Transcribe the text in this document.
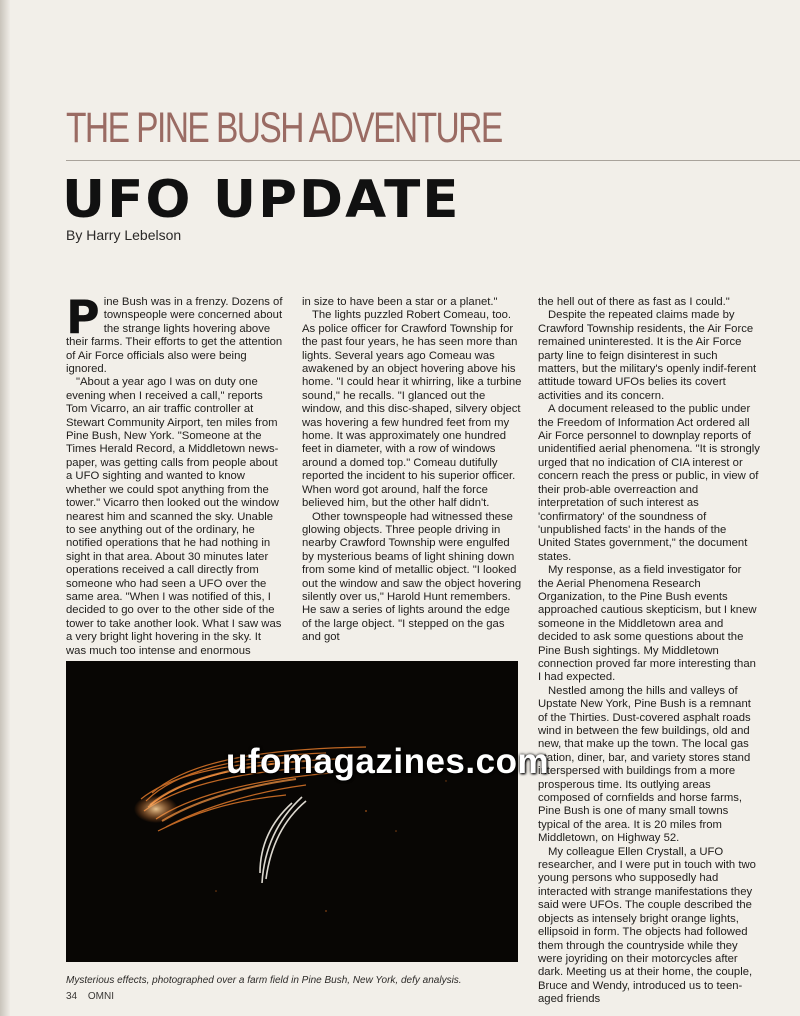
THE PINE BUSH ADVENTURE
UFO UPDATE
By Harry Lebelson

Pine Bush was in a frenzy. Dozens of townspeople were concerned about the strange lights hovering above their farms. Their efforts to get the attention of Air Force officials also were being ignored.

"About a year ago I was on duty one evening when I received a call," reports Tom Vicarro, an air traffic controller at Stewart Community Airport, ten miles from Pine Bush, New York. "Someone at the Times Herald Record, a Middletown news-paper, was getting calls from people about a UFO sighting and wanted to know whether we could spot anything from the tower." Vicarro then looked out the window nearest him and scanned the sky. Unable to see anything out of the ordinary, he notified operations that he had nothing in sight in that area. About 30 minutes later operations received a call directly from someone who had seen a UFO over the same area. "When I was notified of this, I decided to go over to the other side of the tower to take another look. What I saw was a very bright light hovering in the sky. It was much too intense and enormous

in size to have been a star or a planet."

The lights puzzled Robert Comeau, too. As police officer for Crawford Township for the past four years, he has seen more than lights. Several years ago Comeau was awakened by an object hovering above his home. "I could hear it whirring, like a turbine sound," he recalls. "I glanced out the window, and this disc-shaped, silvery object was hovering a few hundred feet from my home. It was approximately one hundred feet in diameter, with a row of windows around a domed top." Comeau dutifully reported the incident to his superior officer. When word got around, half the force believed him, but the other half didn't.

Other townspeople had witnessed these glowing objects. Three people driving in nearby Crawford Township were engulfed by mysterious beams of light shining down from some kind of metallic object. "I looked out the window and saw the object hovering silently over us," Harold Hunt remembers. He saw a series of lights around the edge of the large object. "I stepped on the gas and got

the hell out of there as fast as I could."

Despite the repeated claims made by Crawford Township residents, the Air Force remained uninterested. It is the Air Force party line to feign disinterest in such matters, but the military's openly indif-ferent attitude toward UFOs belies its covert activities and its concern.

A document released to the public under the Freedom of Information Act ordered all Air Force personnel to downplay reports of unidentified aerial phenomena. "It is strongly urged that no indication of CIA interest or concern reach the press or public, in view of their prob-able overreaction and interpretation of such interest as 'confirmatory' of the soundness of 'unpublished facts' in the hands of the United States government," the document states.

My response, as a field investigator for the Aerial Phenomena Research Organization, to the Pine Bush events approached cautious skepticism, but I knew someone in the Middletown area and decided to ask some questions about the Pine Bush sightings. My Middletown connection proved far more interesting than I had expected.

Nestled among the hills and valleys of Upstate New York, Pine Bush is a remnant of the Thirties. Dust-covered asphalt roads wind in between the few buildings, old and new, that make up the town. The local gas station, diner, bar, and variety stores stand interspersed with buildings from a more prosperous time. Its outlying areas composed of cornfields and horse farms, Pine Bush is one of many small towns typical of the area. It is 20 miles from Middletown, on Highway 52.

My colleague Ellen Crystall, a UFO researcher, and I were put in touch with two young persons who supposedly had interacted with strange manifestations they said were UFOs. The couple described the objects as intensely bright orange lights, ellipsoid in form. The objects had followed them through the countryside while they were joyriding on their motorcycles after dark. Meeting us at their home, the couple, Bruce and Wendy, introduced us to teen-aged friends

ufomagazines.com
Mysterious effects, photographed over a farm field in Pine Bush, New York, defy analysis.
34 OMNI
